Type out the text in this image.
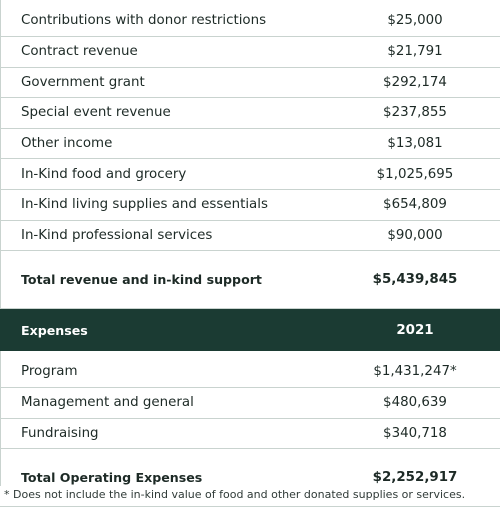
Contributions with donor restrictions	$25,000
Contract revenue	$21,791
Government grant	$292,174
Special event revenue	$237,855
Other income	$13,081
In-Kind food and grocery	$1,025,695
In-Kind living supplies and essentials	$654,809
In-Kind professional services	$90,000
Total revenue and in-kind support	$5,439,845
Expenses	2021
Program	$1,431,247*
Management and general	$480,639
Fundraising	$340,718
Total Operating Expenses	$2,252,917
* Does not include the in-kind value of food and other donated supplies or services.
